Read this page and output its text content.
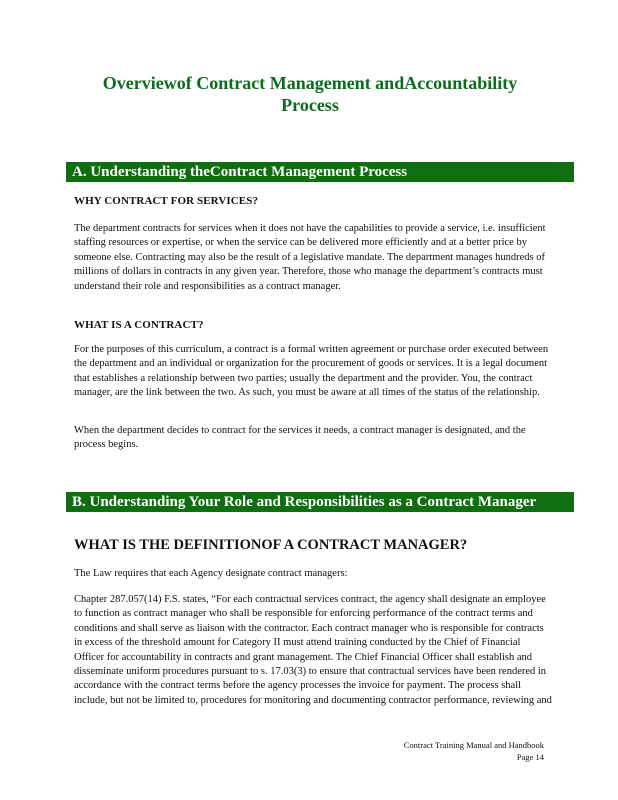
Overviewof Contract Management andAccountability
Process
A. Understanding theContract Management Process
WHY CONTRACT FOR SERVICES?

The department contracts for services when it does not have the capabilities to provide a service, i.e. insufficient staffing resources or expertise, or when the service can be delivered more efficiently and at a better price by someone else. Contracting may also be the result of a legislative mandate. The department manages hundreds of millions of dollars in contracts in any given year. Therefore, those who manage the department’s contracts must understand their role and responsibilities as a contract manager.

WHAT IS A CONTRACT?

For the purposes of this curriculum, a contract is a formal written agreement or purchase order executed between the department and an individual or organization for the procurement of goods or services. It is a legal document that establishes a relationship between two parties; usually the department and the provider. You, the contract manager, are the link between the two. As such, you must be aware at all times of the status of the relationship.

When the department decides to contract for the services it needs, a contract manager is designated, and the process begins.

B. Understanding Your Role and Responsibilities as a Contract Manager
WHAT IS THE DEFINITIONOF A CONTRACT MANAGER?

The Law requires that each Agency designate contract managers:

Chapter 287.057(14) F.S. states, “For each contractual services contract, the agency shall designate an employee to function as contract manager who shall be responsible for enforcing performance of the contract terms and conditions and shall serve as liaison with the contractor. Each contract manager who is responsible for contracts in excess of the threshold amount for Category II must attend training conducted by the Chief of Financial Officer for accountability in contracts and grant management. The Chief Financial Officer shall establish and disseminate uniform procedures pursuant to s. 17.03(3) to ensure that contractual services have been rendered in accordance with the contract terms before the agency processes the invoice for payment. The process shall include, but not be limited to, procedures for monitoring and documenting contractor performance, reviewing and

Contract Training Manual and Handbook

Page 14
